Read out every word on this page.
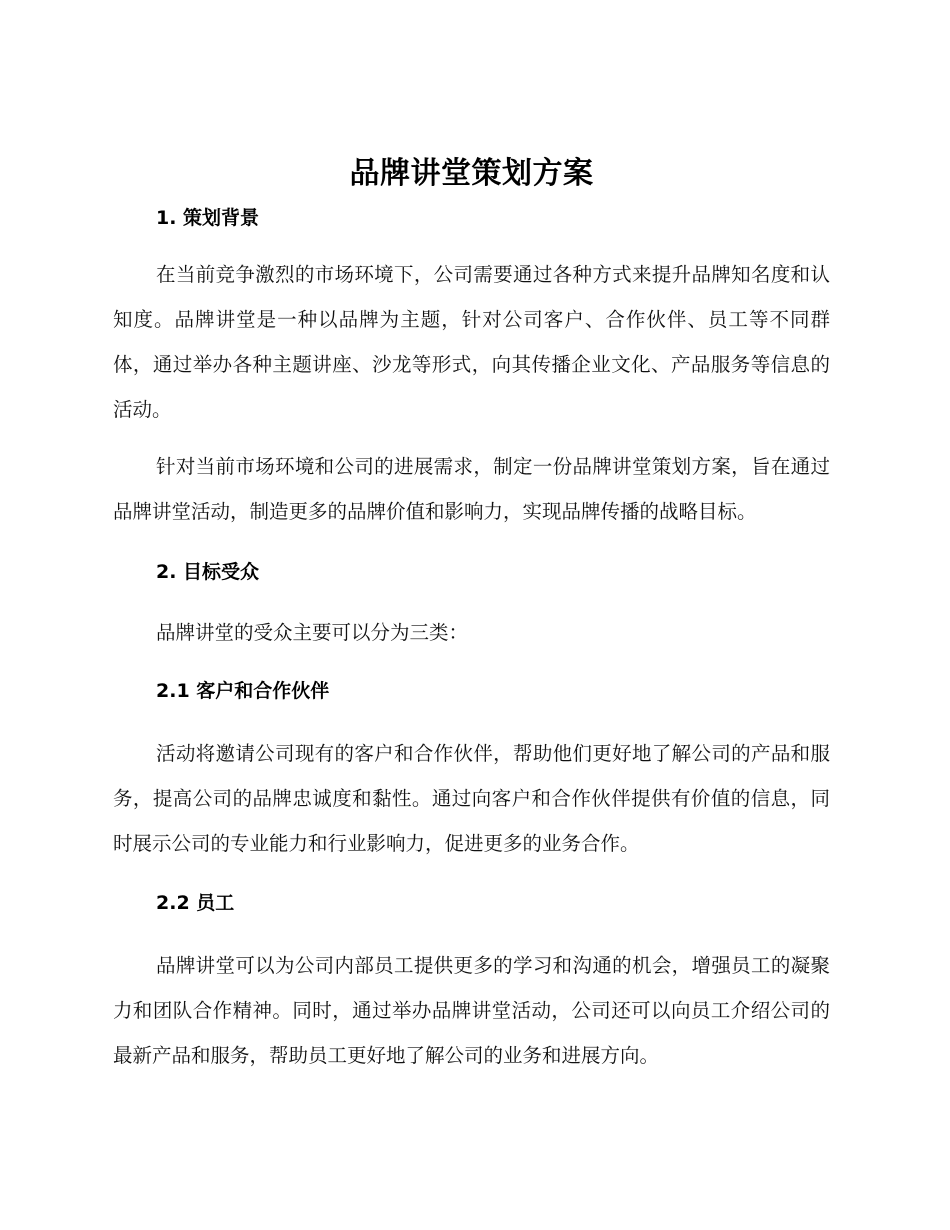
品牌讲堂策划方案
1. 策划背景

在当前竞争激烈的市场环境下，公司需要通过各种方式来提升品牌知名度和认知度。品牌讲堂是一种以品牌为主题，针对公司客户、合作伙伴、员工等不同群体，通过举办各种主题讲座、沙龙等形式，向其传播企业文化、产品服务等信息的活动。

针对当前市场环境和公司的进展需求，制定一份品牌讲堂策划方案，旨在通过品牌讲堂活动，制造更多的品牌价值和影响力，实现品牌传播的战略目标。

2. 目标受众

品牌讲堂的受众主要可以分为三类：

2.1 客户和合作伙伴

活动将邀请公司现有的客户和合作伙伴，帮助他们更好地了解公司的产品和服务，提高公司的品牌忠诚度和黏性。通过向客户和合作伙伴提供有价值的信息，同时展示公司的专业能力和行业影响力，促进更多的业务合作。

2.2 员工

品牌讲堂可以为公司内部员工提供更多的学习和沟通的机会，增强员工的凝聚力和团队合作精神。同时，通过举办品牌讲堂活动，公司还可以向员工介绍公司的最新产品和服务，帮助员工更好地了解公司的业务和进展方向。
